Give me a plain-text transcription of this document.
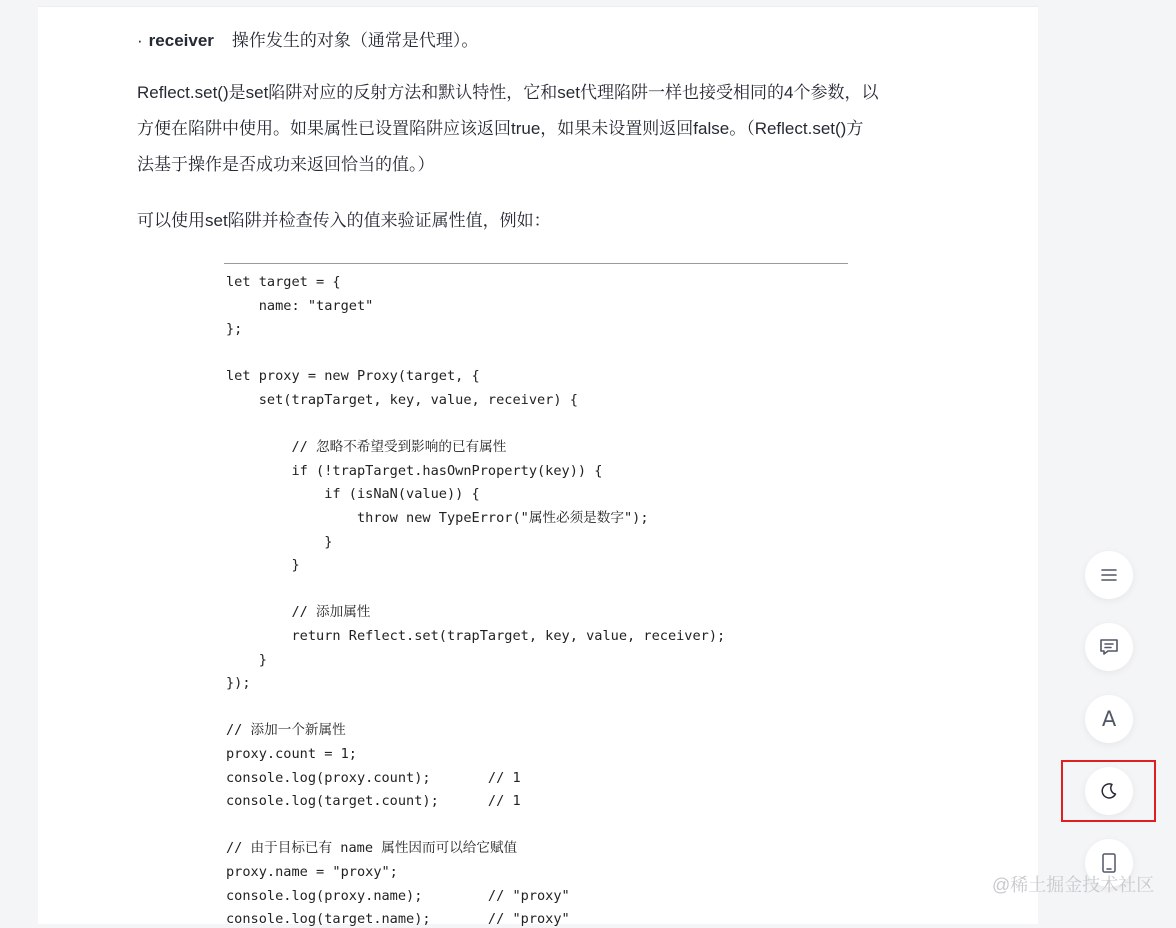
· receiver 操作发生的对象（通常是代理）。
Reflect.set()是set陷阱对应的反射方法和默认特性，它和set代理陷阱一样也接受相同的4个参数，以
方便在陷阱中使用。如果属性已设置陷阱应该返回true，如果未设置则返回false。（Reflect.set()方
法基于操作是否成功来返回恰当的值。）
可以使用set陷阱并检查传入的值来验证属性值，例如：
let target = {
name: "target"
};
let proxy = new Proxy(target, {
set(trapTarget, key, value, receiver) {
// 忽略不希望受到影响的已有属性
if (!trapTarget.hasOwnProperty(key)) {
if (isNaN(value)) {
throw new TypeError("属性必须是数字");
}
}
// 添加属性
return Reflect.set(trapTarget, key, value, receiver);
}
});
// 添加一个新属性
proxy.count = 1;
console.log(proxy.count);       // 1
console.log(target.count);      // 1
// 由于目标已有 name 属性因而可以给它赋值
proxy.name = "proxy";
console.log(proxy.name);        // "proxy"
console.log(target.name);       // "proxy"
A
@稀土掘金技术社区
